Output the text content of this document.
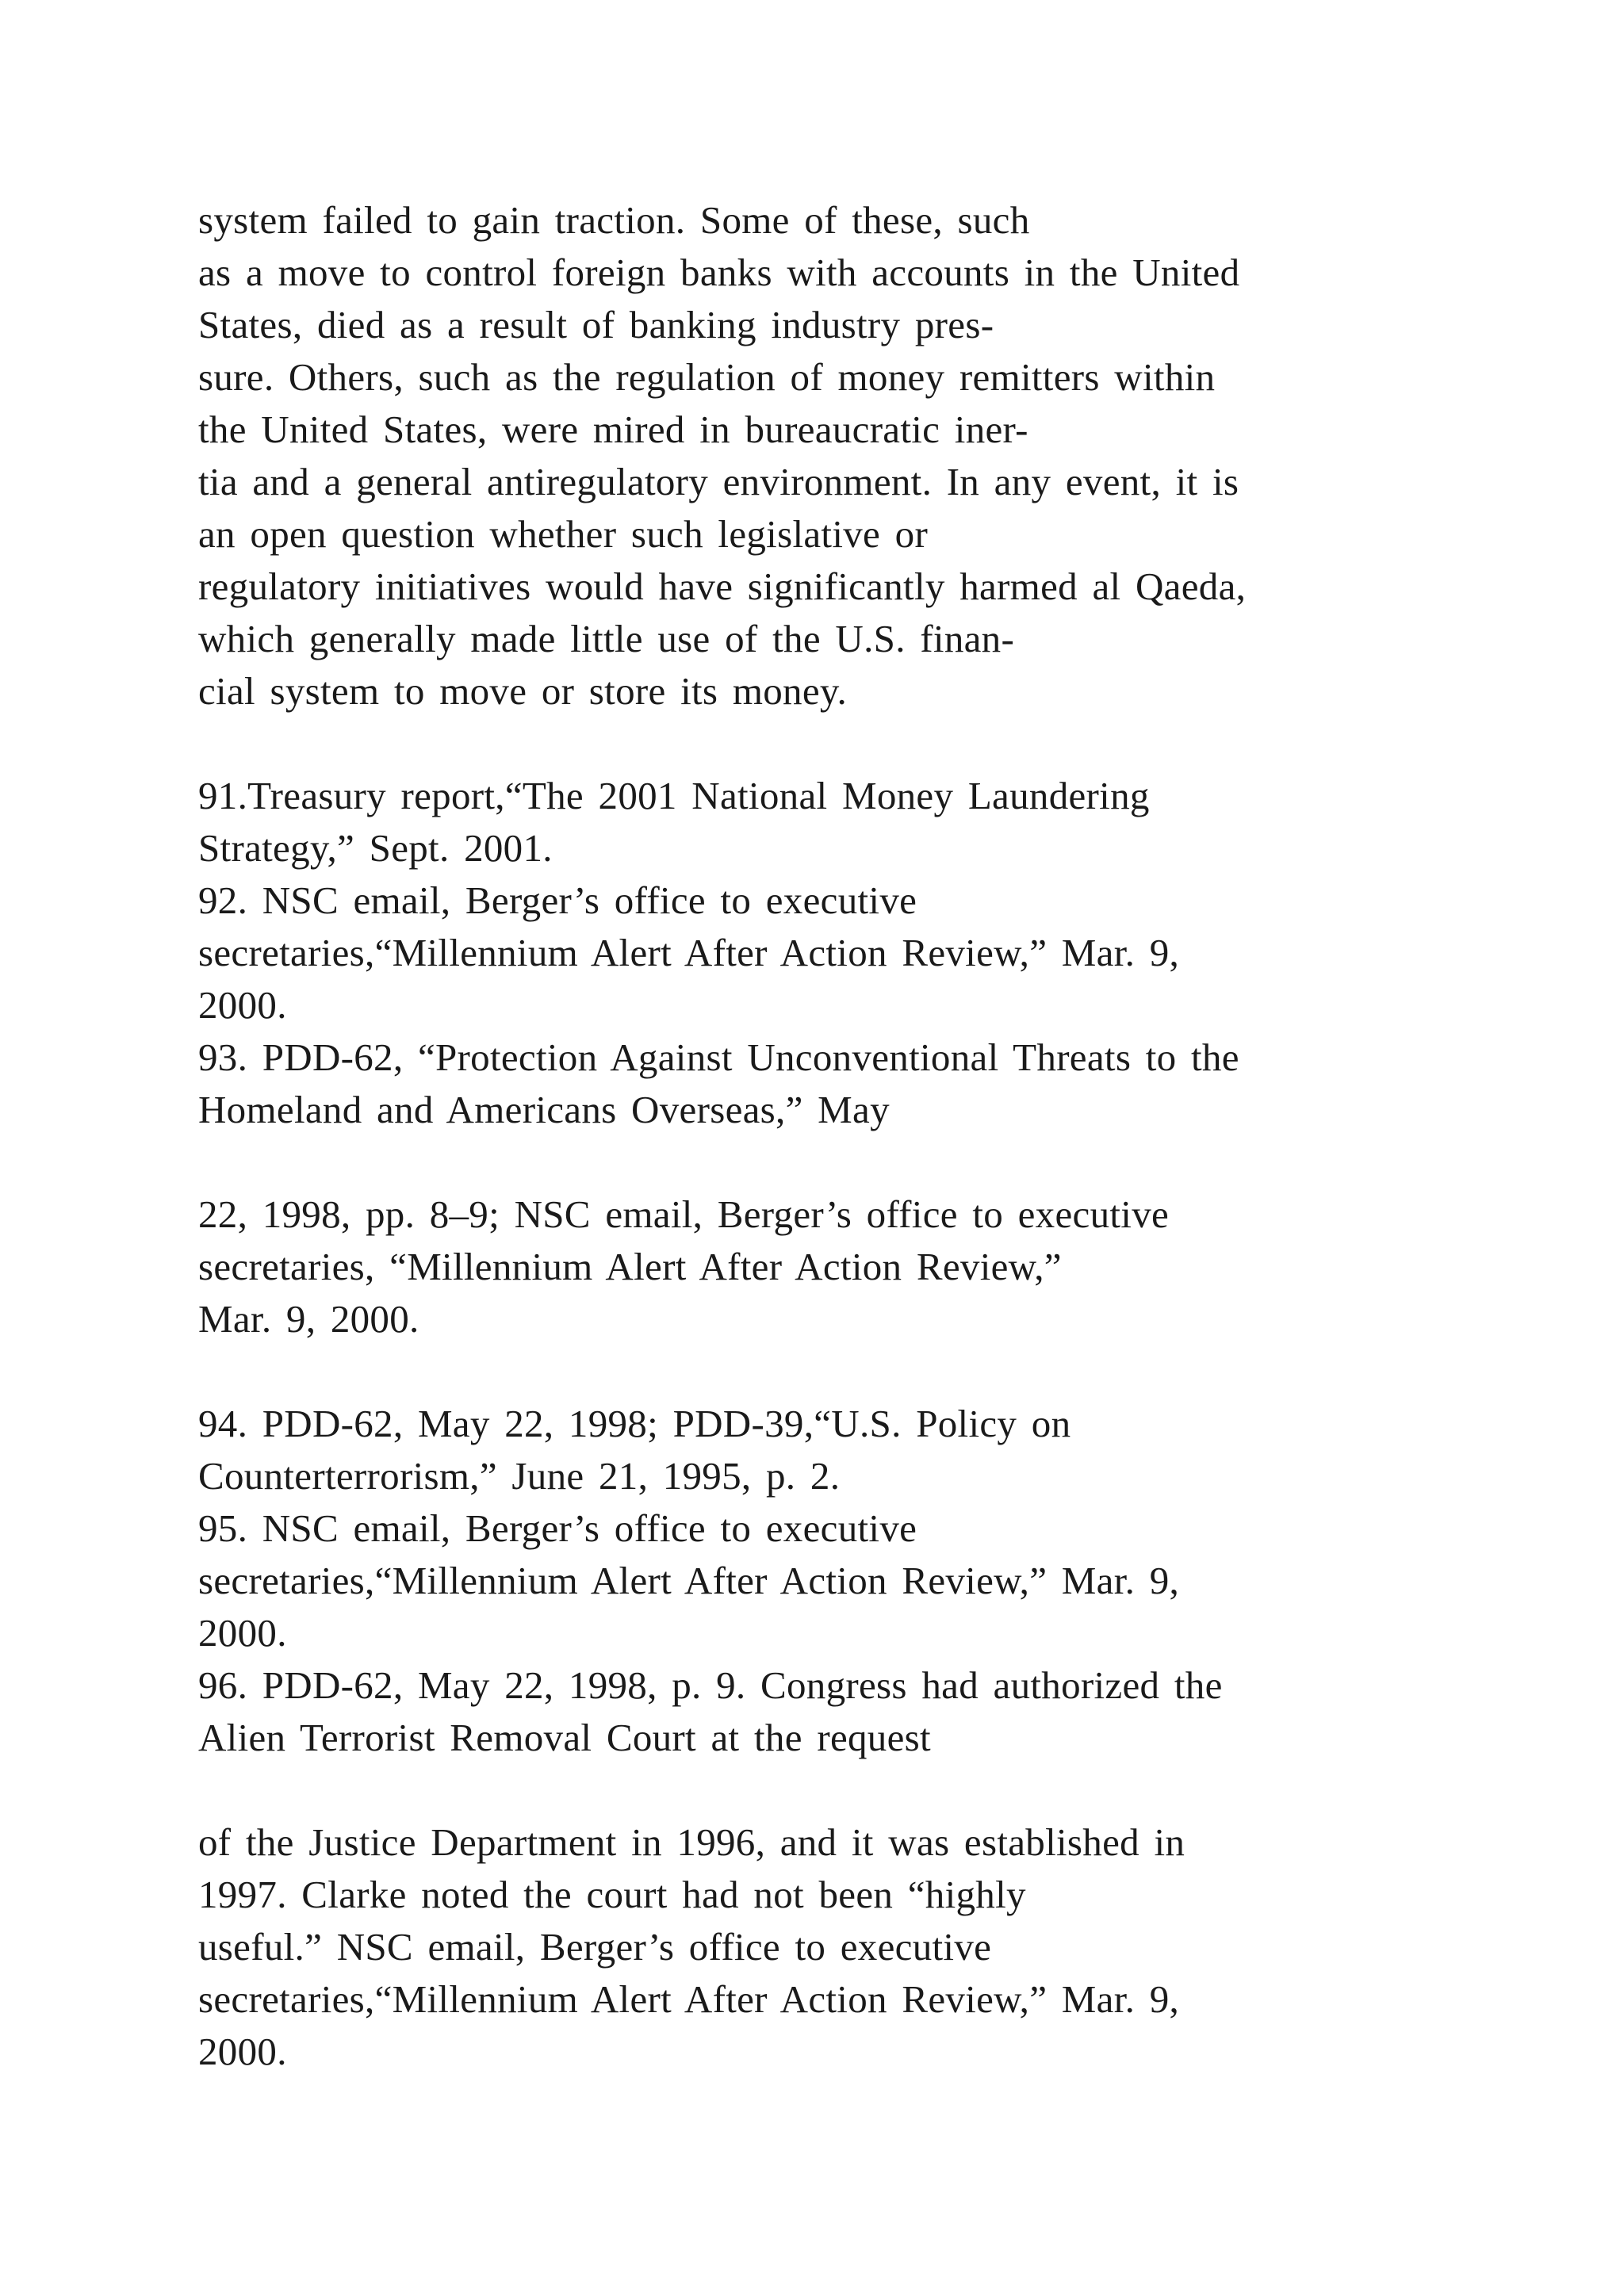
system failed to gain traction. Some of these, such

as a move to control foreign banks with accounts in the United

States, died as a result of banking industry pres-

sure. Others, such as the regulation of money remitters within

the United States, were mired in bureaucratic iner-

tia and a general antiregulatory environment. In any event, it is

an open question whether such legislative or

regulatory initiatives would have significantly harmed al Qaeda,

which generally made little use of the U.S. finan-

cial system to move or store its money.

91.Treasury report,“The 2001 National Money Laundering

Strategy,” Sept. 2001.

92. NSC email, Berger’s office to executive

secretaries,“Millennium Alert After Action Review,” Mar. 9,

2000.

93. PDD-62, “Protection Against Unconventional Threats to the

Homeland and Americans Overseas,” May

22, 1998, pp. 8–9; NSC email, Berger’s office to executive

secretaries, “Millennium Alert After Action Review,”

Mar. 9, 2000.

94. PDD-62, May 22, 1998; PDD-39,“U.S. Policy on

Counterterrorism,” June 21, 1995, p. 2.

95. NSC email, Berger’s office to executive

secretaries,“Millennium Alert After Action Review,” Mar. 9,

2000.

96. PDD-62, May 22, 1998, p. 9. Congress had authorized the

Alien Terrorist Removal Court at the request

of the Justice Department in 1996, and it was established in

1997. Clarke noted the court had not been “highly

useful.” NSC email, Berger’s office to executive

secretaries,“Millennium Alert After Action Review,” Mar. 9,

2000.
